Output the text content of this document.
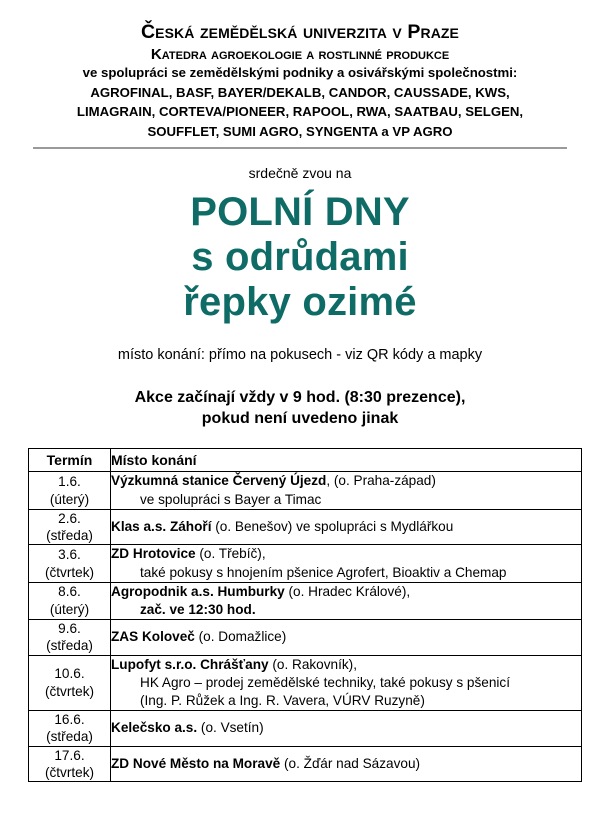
Česká zemědělská univerzita v Praze
Katedra agroekologie a rostlinné produkce
ve spolupráci se zemědělskými podniky a osivářskými společnostmi:
AGROFINAL, BASF, BAYER/DEKALB, CANDOR, CAUSSADE, KWS,
LIMAGRAIN, CORTEVA/PIONEER, RAPOOL, RWA, SAATBAU, SELGEN,
SOUFFLET, SUMI AGRO, SYNGENTA a VP AGRO
srdečně zvou na
POLNÍ DNY
s odrůdami
řepky ozimé
místo konání: přímo na pokusech - viz QR kódy a mapky
Akce začínají vždy v 9 hod. (8:30 prezence),
pokud není uvedeno jinak
Termín	Místo konání

1.6.
(úterý)	Výzkumná stanice Červený Újezd, (o. Praha-západ)
ve spolupráci s Bayer a Timac

2.6.
(středa)	Klas a.s. Záhoří (o. Benešov) ve spolupráci s Mydlářkou

3.6.
(čtvrtek)	ZD Hrotovice (o. Třebíč),
také pokusy s hnojením pšenice Agrofert, Bioaktiv a Chemap

8.6.
(úterý)	Agropodnik a.s. Humburky (o. Hradec Králové),
zač. ve 12:30 hod.

9.6.
(středa)	ZAS Koloveč (o. Domažlice)

10.6.
(čtvrtek)	Lupofyt s.r.o. Chrášťany (o. Rakovník),
HK Agro – prodej zemědělské techniky, také pokusy s pšenicí
(Ing. P. Růžek a Ing. R. Vavera, VÚRV Ruzyně)

16.6.
(středa)	Kelečsko a.s. (o. Vsetín)

17.6.
(čtvrtek)	ZD Nové Město na Moravě (o. Žďár nad Sázavou)
